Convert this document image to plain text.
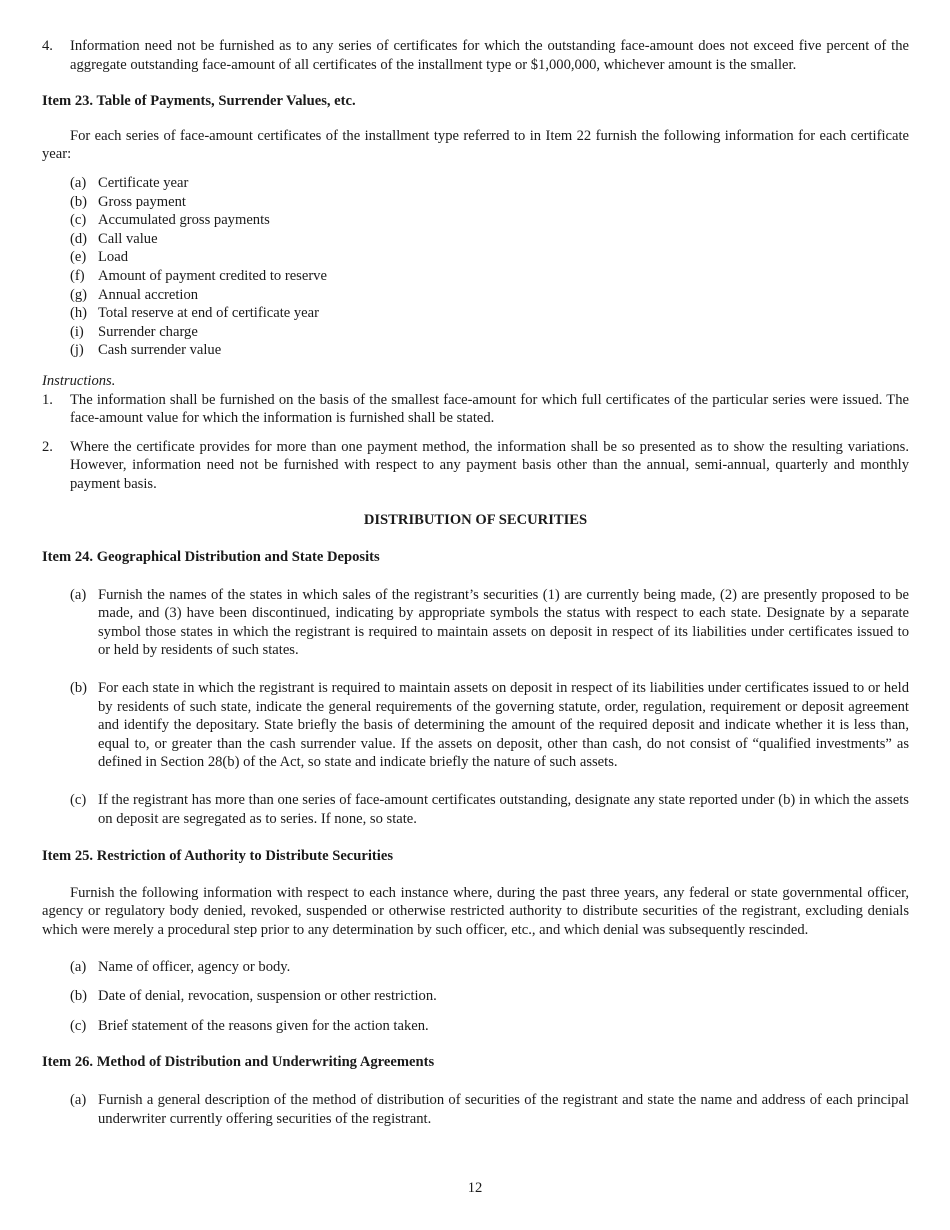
4. Information need not be furnished as to any series of certificates for which the outstanding face-amount does not exceed five percent of the aggregate outstanding face-amount of all certificates of the installment type or $1,000,000, whichever amount is the smaller.

Item 23. Table of Payments, Surrender Values, etc.

For each series of face-amount certificates of the installment type referred to in Item 22 furnish the following information for each certificate year:

(a) Certificate year
(b) Gross payment
(c) Accumulated gross payments
(d) Call value
(e) Load
(f) Amount of payment credited to reserve
(g) Annual accretion
(h) Total reserve at end of certificate year
(i) Surrender charge
(j) Cash surrender value

Instructions.

1. The information shall be furnished on the basis of the smallest face-amount for which full certificates of the particular series were issued. The face-amount value for which the information is furnished shall be stated.

2. Where the certificate provides for more than one payment method, the information shall be so presented as to show the resulting variations. However, information need not be furnished with respect to any payment basis other than the annual, semi-annual, quarterly and monthly payment basis.

DISTRIBUTION OF SECURITIES

Item 24. Geographical Distribution and State Deposits

(a) Furnish the names of the states in which sales of the registrant’s securities (1) are currently being made, (2) are presently proposed to be made, and (3) have been discontinued, indicating by appropriate symbols the status with respect to each state. Designate by a separate symbol those states in which the registrant is required to maintain assets on deposit in respect of its liabilities under certificates issued to or held by residents of such states.

(b) For each state in which the registrant is required to maintain assets on deposit in respect of its liabilities under certificates issued to or held by residents of such state, indicate the general requirements of the governing statute, order, regulation, requirement or deposit agreement and identify the depositary. State briefly the basis of determining the amount of the required deposit and indicate whether it is less than, equal to, or greater than the cash surrender value. If the assets on deposit, other than cash, do not consist of “qualified investments” as defined in Section 28(b) of the Act, so state and indicate briefly the nature of such assets.

(c) If the registrant has more than one series of face-amount certificates outstanding, designate any state reported under (b) in which the assets on deposit are segregated as to series. If none, so state.

Item 25. Restriction of Authority to Distribute Securities

Furnish the following information with respect to each instance where, during the past three years, any federal or state governmental officer, agency or regulatory body denied, revoked, suspended or otherwise restricted authority to distribute securities of the registrant, excluding denials which were merely a procedural step prior to any determination by such officer, etc., and which denial was subsequently rescinded.

(a) Name of officer, agency or body.

(b) Date of denial, revocation, suspension or other restriction.

(c) Brief statement of the reasons given for the action taken.

Item 26. Method of Distribution and Underwriting Agreements

(a) Furnish a general description of the method of distribution of securities of the registrant and state the name and address of each principal underwriter currently offering securities of the registrant.

12
